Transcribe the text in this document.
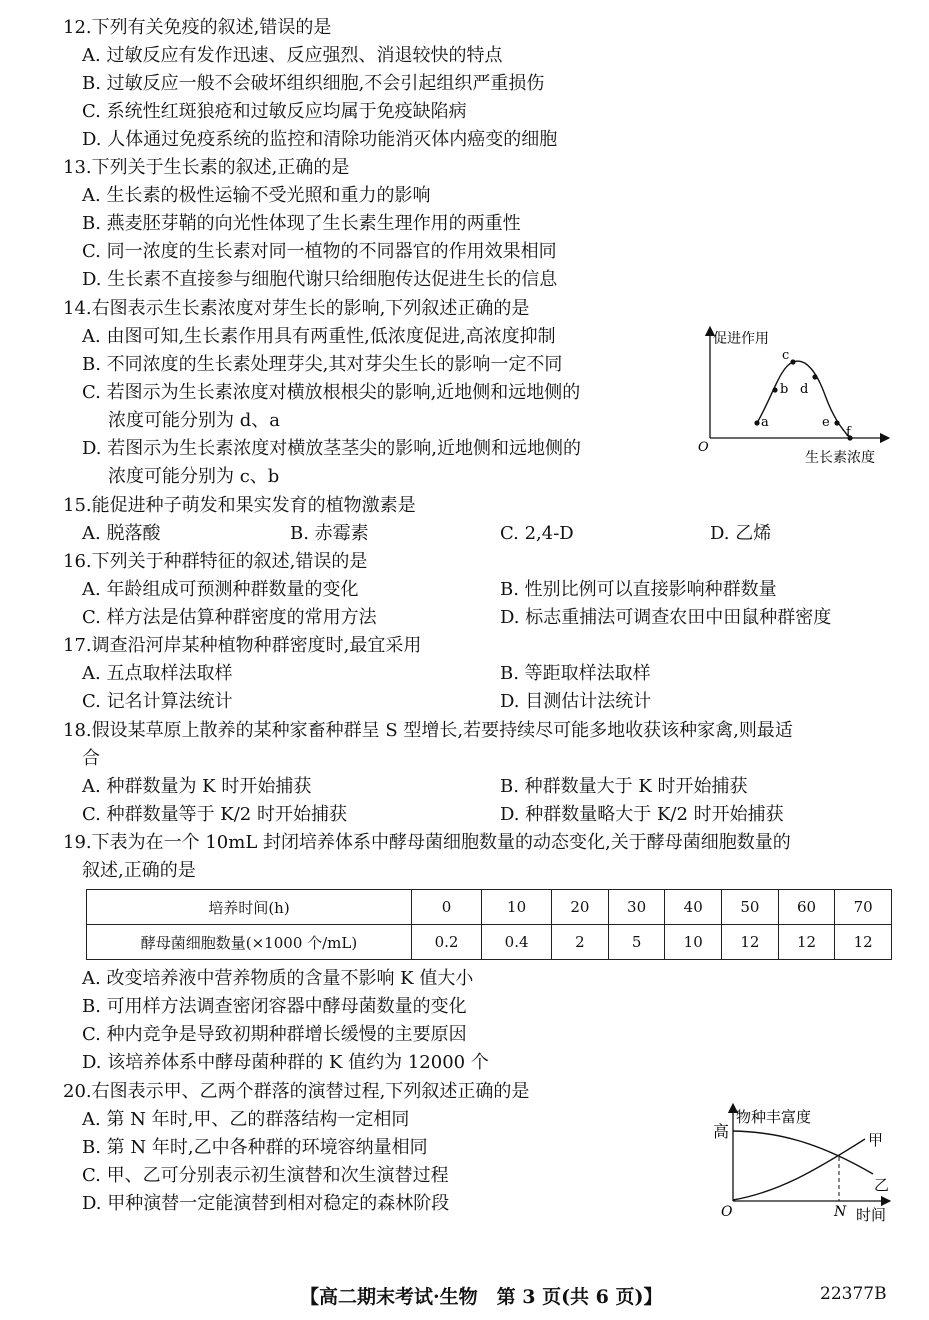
12.下列有关免疫的叙述,错误的是
A. 过敏反应有发作迅速、反应强烈、消退较快的特点
B. 过敏反应一般不会破坏组织细胞,不会引起组织严重损伤
C. 系统性红斑狼疮和过敏反应均属于免疫缺陷病
D. 人体通过免疫系统的监控和清除功能消灭体内癌变的细胞
13.下列关于生长素的叙述,正确的是
A. 生长素的极性运输不受光照和重力的影响
B. 燕麦胚芽鞘的向光性体现了生长素生理作用的两重性
C. 同一浓度的生长素对同一植物的不同器官的作用效果相同
D. 生长素不直接参与细胞代谢只给细胞传达促进生长的信息
14.右图表示生长素浓度对芽生长的影响,下列叙述正确的是
A. 由图可知,生长素作用具有两重性,低浓度促进,高浓度抑制
B. 不同浓度的生长素处理芽尖,其对芽尖生长的影响一定不同
C. 若图示为生长素浓度对横放根根尖的影响,近地侧和远地侧的
浓度可能分别为 d、a
D. 若图示为生长素浓度对横放茎茎尖的影响,近地侧和远地侧的
浓度可能分别为 c、b
促进作用
生长素浓度
O
a
b
c
d
e
f
15.能促进种子萌发和果实发育的植物激素是
A. 脱落酸	B. 赤霉素	C. 2,4-D	D. 乙烯
16.下列关于种群特征的叙述,错误的是
A. 年龄组成可预测种群数量的变化	B. 性别比例可以直接影响种群数量
C. 样方法是估算种群密度的常用方法	D. 标志重捕法可调查农田中田鼠种群密度
17.调查沿河岸某种植物种群密度时,最宜采用
A. 五点取样法取样	B. 等距取样法取样
C. 记名计算法统计	D. 目测估计法统计
18.假设某草原上散养的某种家畜种群呈 S 型增长,若要持续尽可能多地收获该种家禽,则最适
合
A. 种群数量为 K 时开始捕获	B. 种群数量大于 K 时开始捕获
C. 种群数量等于 K/2 时开始捕获	D. 种群数量略大于 K/2 时开始捕获
19.下表为在一个 10mL 封闭培养体系中酵母菌细胞数量的动态变化,关于酵母菌细胞数量的
叙述,正确的是
培养时间(h)	0	10	20	30	40	50	60	70
酵母菌细胞数量(×1000 个/mL)	0.2	0.4	2	5	10	12	12	12
A. 改变培养液中营养物质的含量不影响 K 值大小
B. 可用样方法调查密闭容器中酵母菌数量的变化
C. 种内竞争是导致初期种群增长缓慢的主要原因
D. 该培养体系中酵母菌种群的 K 值约为 12000 个
20.右图表示甲、乙两个群落的演替过程,下列叙述正确的是
A. 第 N 年时,甲、乙的群落结构一定相同
B. 第 N 年时,乙中各种群的环境容纳量相同
C. 甲、乙可分别表示初生演替和次生演替过程
D. 甲种演替一定能演替到相对稳定的森林阶段
物种丰富度
高
O	N 时间
甲
乙
【高二期末考试·生物　第 3 页(共 6 页)】	22377B
